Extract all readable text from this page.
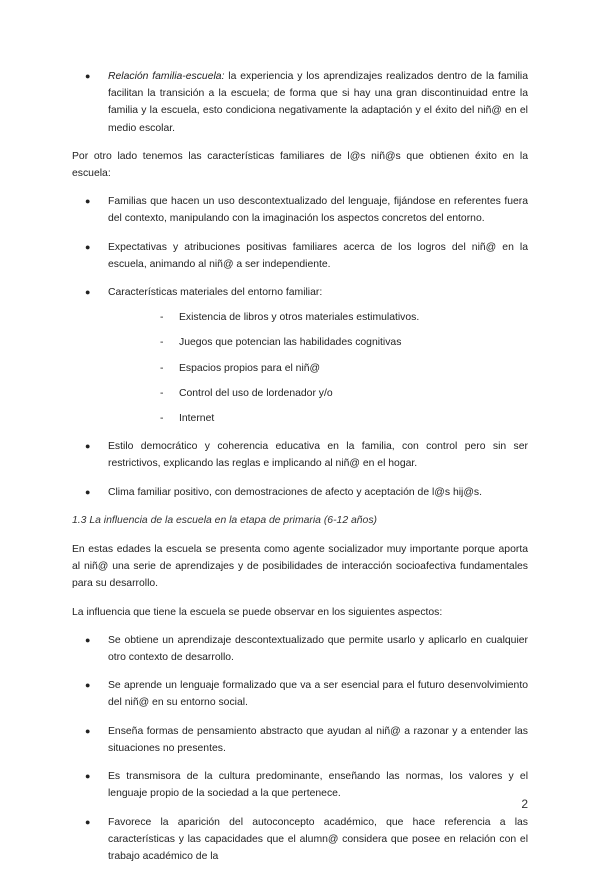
● Relación familia-escuela: la experiencia y los aprendizajes realizados dentro de la familia facilitan la transición a la escuela; de forma que si hay una gran discontinuidad entre la familia y la escuela, esto condiciona negativamente la adaptación y el éxito del niñ@ en el medio escolar.

Por otro lado tenemos las características familiares de l@s niñ@s que obtienen éxito en la escuela:

● Familias que hacen un uso descontextualizado del lenguaje, fijándose en referentes fuera del contexto, manipulando con la imaginación los aspectos concretos del entorno.
● Expectativas y atribuciones positivas familiares acerca de los logros del niñ@ en la escuela, animando al niñ@ a ser independiente.
● Características materiales del entorno familiar:
- Existencia de libros y otros materiales estimulativos.
- Juegos que potencian las habilidades cognitivas
- Espacios propios para el niñ@
- Control del uso de lordenador y/o
- Internet
● Estilo democrático y coherencia educativa en la familia, con control pero sin ser restrictivos, explicando las reglas e implicando al niñ@ en el hogar.
● Clima familiar positivo, con demostraciones de afecto y aceptación de l@s hij@s.

1.3 La influencia de la escuela en la etapa de primaria (6-12 años)

En estas edades la escuela se presenta como agente socializador muy importante porque aporta al niñ@ una serie de aprendizajes y de posibilidades de interacción socioafectiva fundamentales para su desarrollo.

La influencia que tiene la escuela se puede observar en los siguientes aspectos:

● Se obtiene un aprendizaje descontextualizado que permite usarlo y aplicarlo en cualquier otro contexto de desarrollo.
● Se aprende un lenguaje formalizado que va a ser esencial para el futuro desenvolvimiento del niñ@ en su entorno social.
● Enseña formas de pensamiento abstracto que ayudan al niñ@ a razonar y a entender las situaciones no presentes.
● Es transmisora de la cultura predominante, enseñando las normas, los valores y el lenguaje propio de la sociedad a la que pertenece.
● Favorece la aparición del autoconcepto académico, que hace referencia a las características y las capacidades que el alumn@ considera que posee en relación con el trabajo académico de la
2
